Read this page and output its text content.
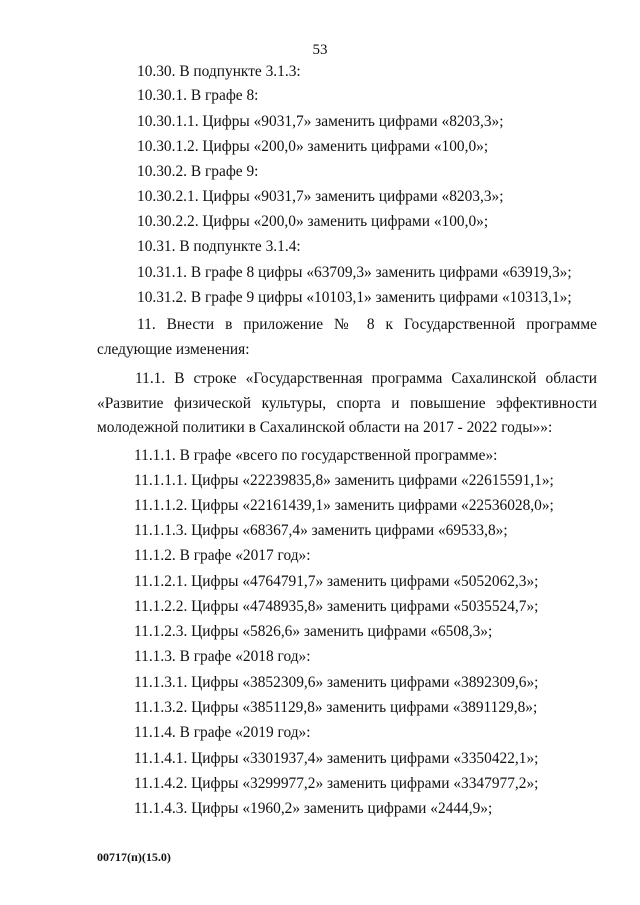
53
10.30. В подпункте 3.1.3:
10.30.1. В графе 8:
10.30.1.1. Цифры «9031,7» заменить цифрами «8203,3»;
10.30.1.2. Цифры «200,0» заменить цифрами «100,0»;
10.30.2. В графе 9:
10.30.2.1. Цифры «9031,7» заменить цифрами «8203,3»;
10.30.2.2. Цифры «200,0» заменить цифрами «100,0»;
10.31. В подпункте 3.1.4:
10.31.1. В графе 8 цифры «63709,3» заменить цифрами «63919,3»;
10.31.2. В графе 9 цифры «10103,1» заменить цифрами «10313,1»;
11. Внести в приложение № 8 к Государственной программе
следующие изменения:
11.1. В строке «Государственная программа Сахалинской области
«Развитие физической культуры, спорта и повышение эффективности
молодежной политики в Сахалинской области на 2017 - 2022 годы»»:
11.1.1. В графе «всего по государственной программе»:
11.1.1.1. Цифры «22239835,8» заменить цифрами «22615591,1»;
11.1.1.2. Цифры «22161439,1» заменить цифрами «22536028,0»;
11.1.1.3. Цифры «68367,4» заменить цифрами «69533,8»;
11.1.2. В графе «2017 год»:
11.1.2.1. Цифры «4764791,7» заменить цифрами «5052062,3»;
11.1.2.2. Цифры «4748935,8» заменить цифрами «5035524,7»;
11.1.2.3. Цифры «5826,6» заменить цифрами «6508,3»;
11.1.3. В графе «2018 год»:
11.1.3.1. Цифры «3852309,6» заменить цифрами «3892309,6»;
11.1.3.2. Цифры «3851129,8» заменить цифрами «3891129,8»;
11.1.4. В графе «2019 год»:
11.1.4.1. Цифры «3301937,4» заменить цифрами «3350422,1»;
11.1.4.2. Цифры «3299977,2» заменить цифрами «3347977,2»;
11.1.4.3. Цифры «1960,2» заменить цифрами «2444,9»;
00717(п)(15.0)
